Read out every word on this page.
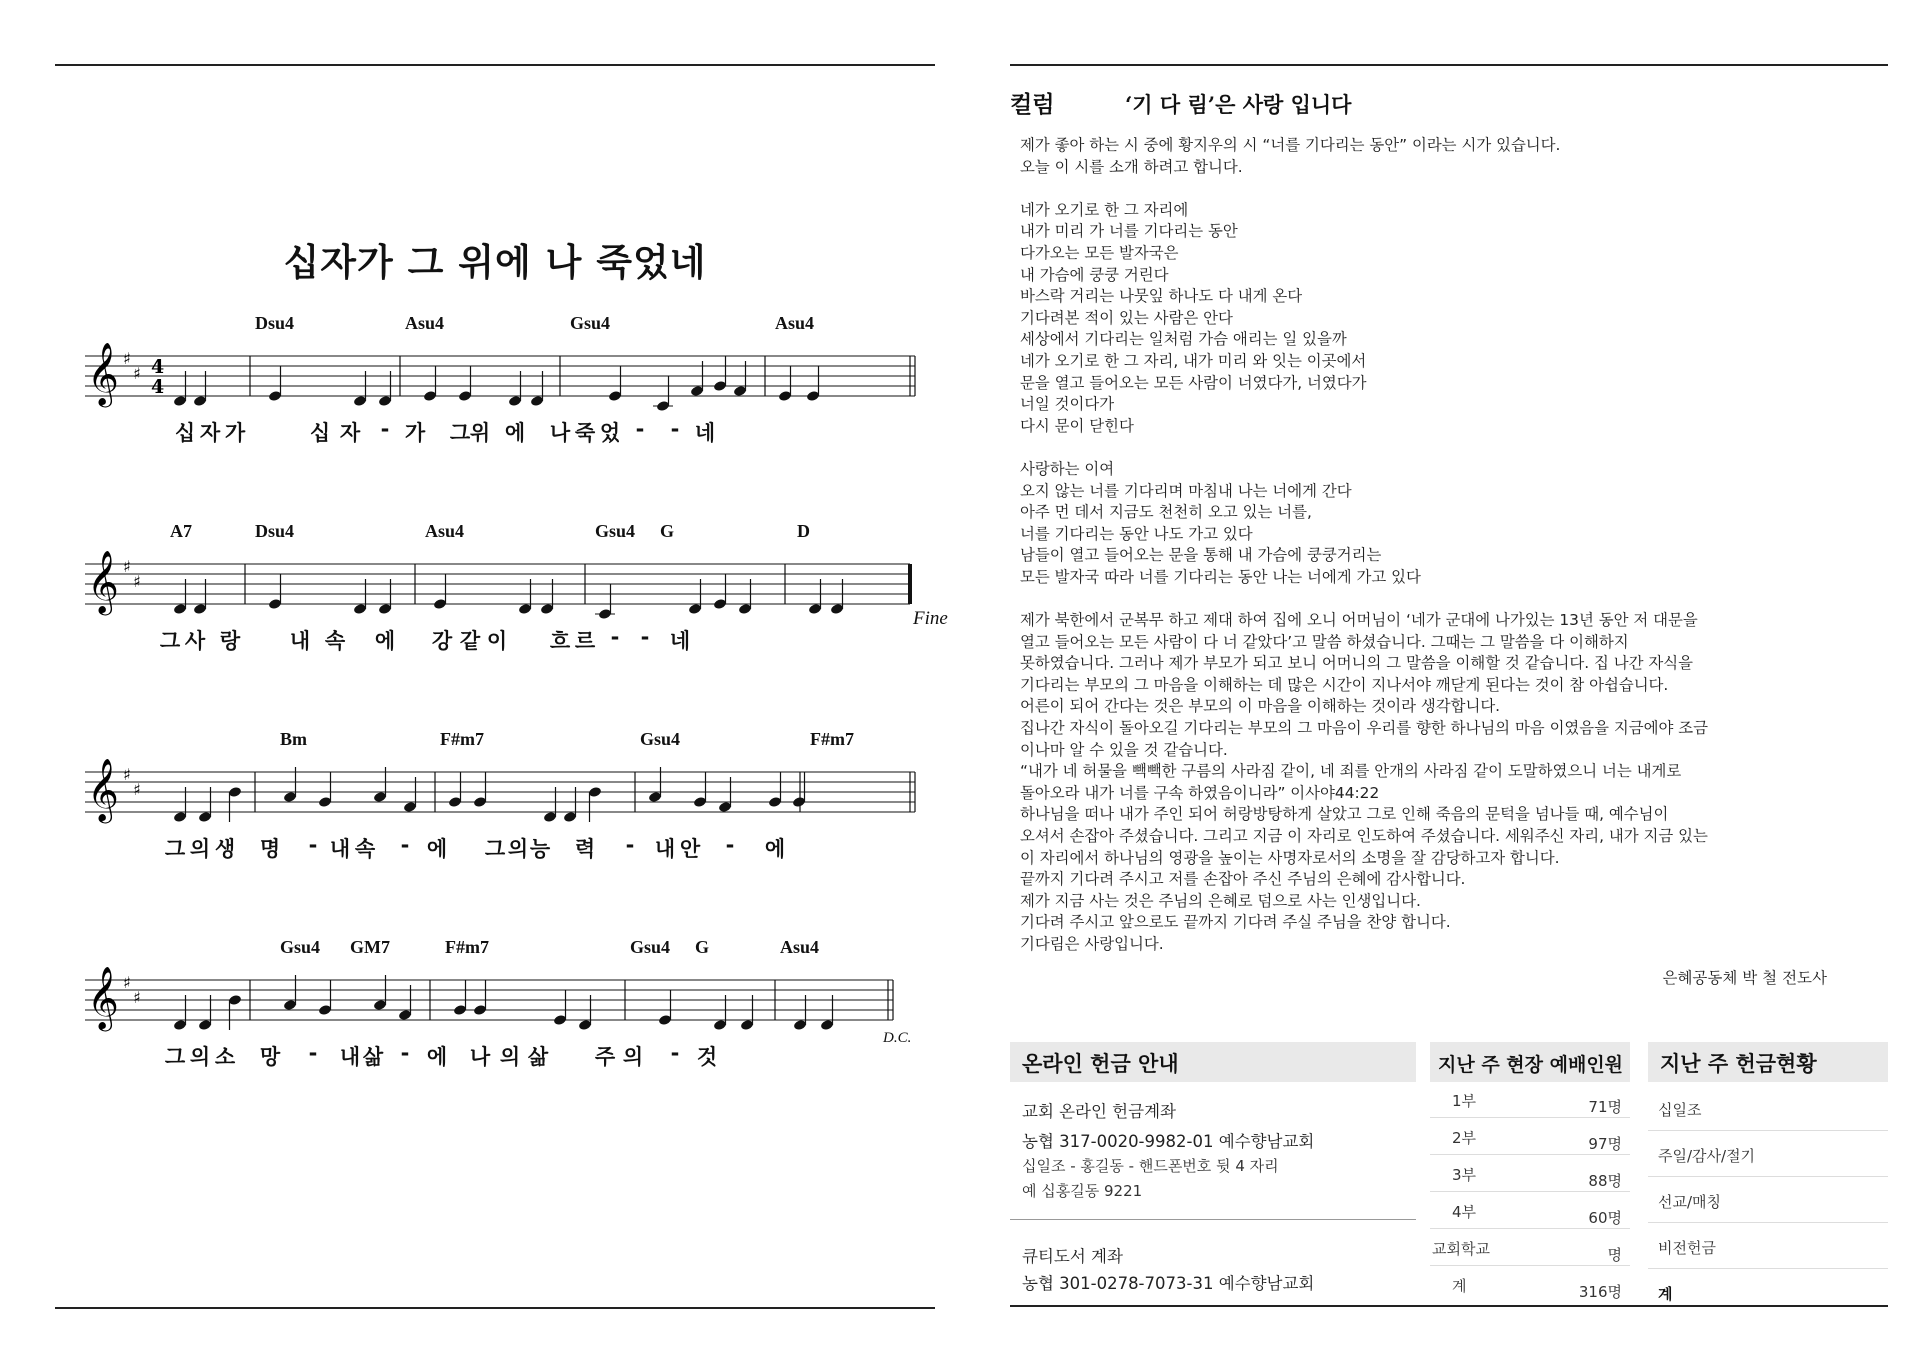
십자가 그 위에 나 죽었네
𝄞 ♯
♯ 4
4
Dsu4	Asu4	Gsu4	Asu4
십 자 가	십 자 - 가 그 위 에 나 죽 었 - - 네
𝄞 ♯
♯
A7	Dsu4	Asu4	Gsu4 G	D
그 사 랑 내 속 에 강 같 이 흐 르 - - 네
Fine
𝄞 ♯
♯
Bm	F#m7	Gsu4	F#m7
그 의 생 명 - 내 속 - 에 그 의 능 력 - 내 안 - 에
𝄞 ♯
♯
Gsu4 GM7	F#m7	Gsu4 G	Asu4
그 의 소 망 - 내 삶 - 에 나 의 삶 주 의 - 것
D.C.
컬럼	‘기 다 림’은 사랑 입니다
제가 좋아 하는 시 중에 황지우의 시 “너를 기다리는 동안” 이라는 시가 있습니다.
오늘 이 시를 소개 하려고 합니다.

네가 오기로 한 그 자리에
내가 미리 가 너를 기다리는 동안
다가오는 모든 발자국은
내 가슴에 쿵쿵 거린다
바스락 거리는 나뭇잎 하나도 다 내게 온다
기다려본 적이 있는 사람은 안다
세상에서 기다리는 일처럼 가슴 애리는 일 있을까
네가 오기로 한 그 자리, 내가 미리 와 잇는 이곳에서
문을 열고 들어오는 모든 사람이 너였다가, 너였다가
너일 것이다가
다시 문이 닫힌다

사랑하는 이여
오지 않는 너를 기다리며 마침내 나는 너에게 간다
아주 먼 데서 지금도 천천히 오고 있는 너를,
너를 기다리는 동안 나도 가고 있다
남들이 열고 들어오는 문을 통해 내 가슴에 쿵쿵거리는
모든 발자국 따라 너를 기다리는 동안 나는 너에게 가고 있다

제가 북한에서 군복무 하고 제대 하여 집에 오니 어머님이 ‘네가 군대에 나가있는 13년 동안 저 대문을
열고 들어오는 모든 사람이 다 너 같았다’고 말씀 하셨습니다. 그때는 그 말씀을 다 이해하지
못하였습니다. 그러나 제가 부모가 되고 보니 어머니의 그 말씀을 이해할 것 같습니다. 집 나간 자식을
기다리는 부모의 그 마음을 이해하는 데 많은 시간이 지나서야 깨닫게 된다는 것이 참 아쉽습니다.
어른이 되어 간다는 것은 부모의 이 마음을 이해하는 것이라 생각합니다.
집나간 자식이 돌아오길 기다리는 부모의 그 마음이 우리를 향한 하나님의 마음 이였음을 지금에야 조금
이나마 알 수 있을 것 같습니다.
“내가 네 허물을 빽빽한 구름의 사라짐 같이, 네 죄를 안개의 사라짐 같이 도말하였으니 너는 내게로
돌아오라 내가 너를 구속 하였음이니라” 이사야44:22
하나님을 떠나 내가 주인 되어 허랑방탕하게 살았고 그로 인해 죽음의 문턱을 넘나들 때, 예수님이
오셔서 손잡아 주셨습니다. 그리고 지금 이 자리로 인도하여 주셨습니다. 세워주신 자리, 내가 지금 있는
이 자리에서 하나님의 영광을 높이는 사명자로서의 소명을 잘 감당하고자 합니다.
끝까지 기다려 주시고 저를 손잡아 주신 주님의 은혜에 감사합니다.
제가 지금 사는 것은 주님의 은혜로 덤으로 사는 인생입니다.
기다려 주시고 앞으로도 끝까지 기다려 주실 주님을 찬양 합니다.
기다림은 사랑입니다.
은혜공동체 박 철 전도사
온라인 헌금 안내
교회 온라인 헌금계좌
농협 317-0020-9982-01 예수향남교회
십일조 - 홍길동 - 핸드폰번호 뒷 4 자리
예 십홍길동 9221
큐티도서 계좌
농협 301-0278-7073-31 예수향남교회
지난 주 현장 예배인원
1부	71명
2부	97명
3부	88명
4부	60명
교회학교	명
계	316명
지난 주 헌금현황
십일조
주일/감사/절기
선교/매칭
비전헌금
계
